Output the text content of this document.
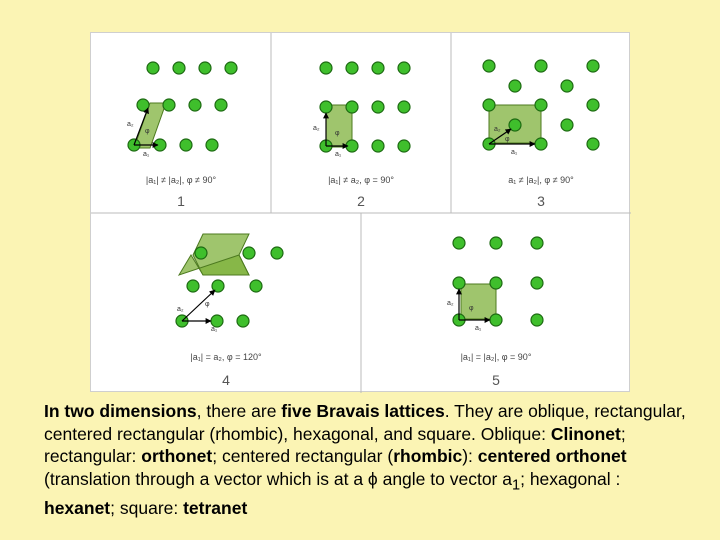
a₁
a₂
φ
|a₁| ≠ |a₂|, φ ≠ 90°
1
a₁
a₂
φ
|a₁| ≠ a₂, φ = 90°
2
a₁
a₂
φ
a₁ ≠ |a₂|, φ ≠ 90°
3
a₁
a₂
φ
|a₁| = a₂, φ = 120°
4
a₁
a₂
φ
|a₁| = |a₂|, φ = 90°
5
In two dimensions, there are five Bravais lattices. They are oblique, rectangular, centered rectangular (rhombic), hexagonal, and square. Oblique: Clinonet; rectangular: orthonet; centered rectangular (rhombic): centered orthonet (translation through a vector which is at a ϕ angle to vector $a_1$; hexagonal : hexanet; square: tetranet
